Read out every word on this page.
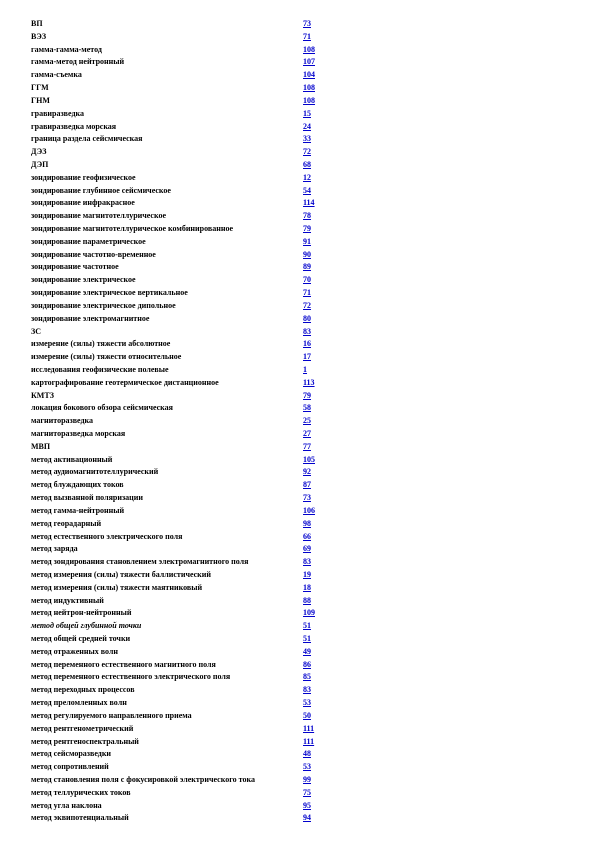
ВП	73
ВЭЗ	71
гамма-гамма-метод	108
гамма-метод нейтронный	107
гамма-съемка	104
ГГМ	108
ГНМ	108
гравиразведка	15
гравиразведка морская	24
граница раздела сейсмическая	33
ДЭЗ	72
ДЭП	68
зондирование геофизическое	12
зондирование глубинное сейсмическое	54
зондирование инфракрасное	114
зондирование магнитотеллурическое	78
зондирование магнитотеллурическое комбинированное	79
зондирование параметрическое	91
зондирование частотно-временное	90
зондирование частотное	89
зондирование электрическое	70
зондирование электрическое вертикальное	71
зондирование электрическое дипольное	72
зондирование электромагнитное	80
ЗС	83
измерение (силы) тяжести абсолютное	16
измерение (силы) тяжести относительное	17
исследования геофизические полевые	1
картографирование геотермическое дистанционное	113
КМТЗ	79
локация бокового обзора сейсмическая	58
магниторазведка	25
магниторазведка морская	27
МВП	77
метод активационный	105
метод аудиомагнитотеллурический	92
метод блуждающих токов	87
метод вызванной поляризации	73
метод гамма-нейтронный	106
метод георадарный	98
метод естественного электрического поля	66
метод заряда	69
метод зондирования становлением электромагнитного поля	83
метод измерения (силы) тяжести баллистический	19
метод измерения (силы) тяжести маятниковый	18
метод индуктивный	88
метод нейтрон-нейтронный	109
метод общей глубинной точки	51
метод общей средней точки	51
метод отраженных волн	49
метод переменного естественного магнитного поля	86
метод переменного естественного электрического поля	85
метод переходных процессов	83
метод преломленных волн	53
метод регулируемого направленного приема	50
метод рентгенометрический	111
метод рентгеноспектральный	111
метод сейсморазведки	48
метод сопротивлений	53
метод становления поля с фокусировкой электрического тока	99
метод теллурических токов	75
метод угла наклона	95
метод эквипотенциальный	94
